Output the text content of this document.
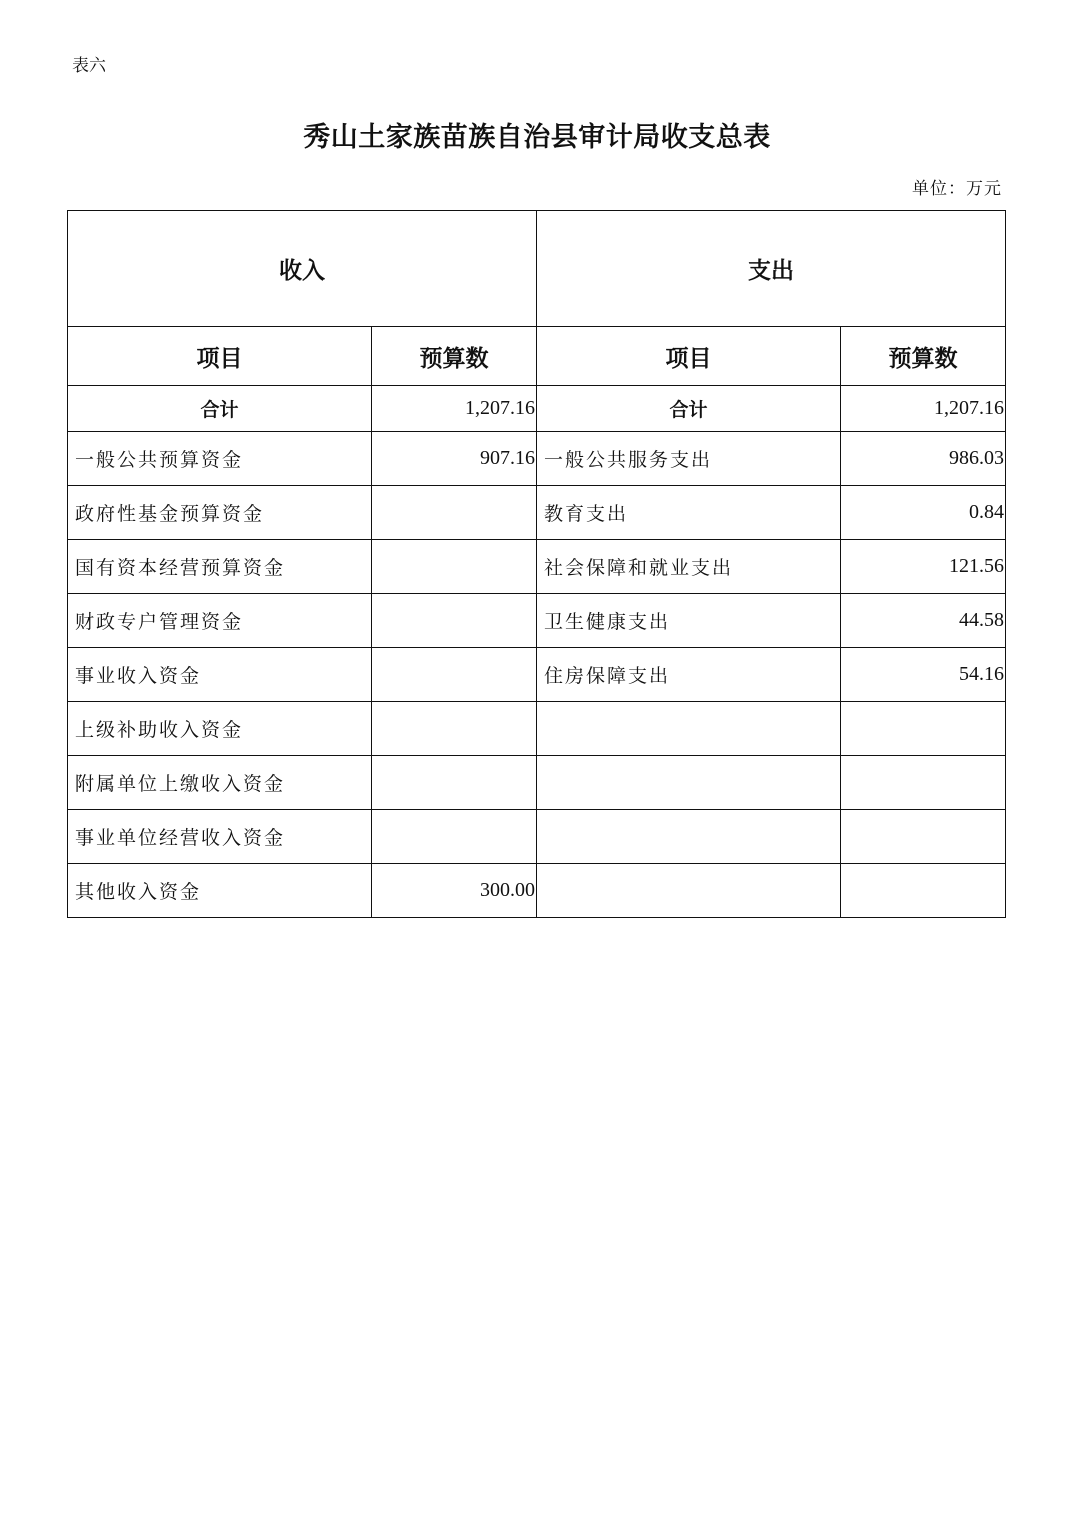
表六
秀山土家族苗族自治县审计局收支总表
单位：万元
收入		支出	
项目	预算数	项目	预算数
合计	1,207.16	合计	1,207.16
一般公共预算资金	907.16	一般公共服务支出	986.03
政府性基金预算资金		教育支出	0.84
国有资本经营预算资金		社会保障和就业支出	121.56
财政专户管理资金		卫生健康支出	44.58
事业收入资金		住房保障支出	54.16
上级补助收入资金			
附属单位上缴收入资金			
事业单位经营收入资金			
其他收入资金	300.00		
